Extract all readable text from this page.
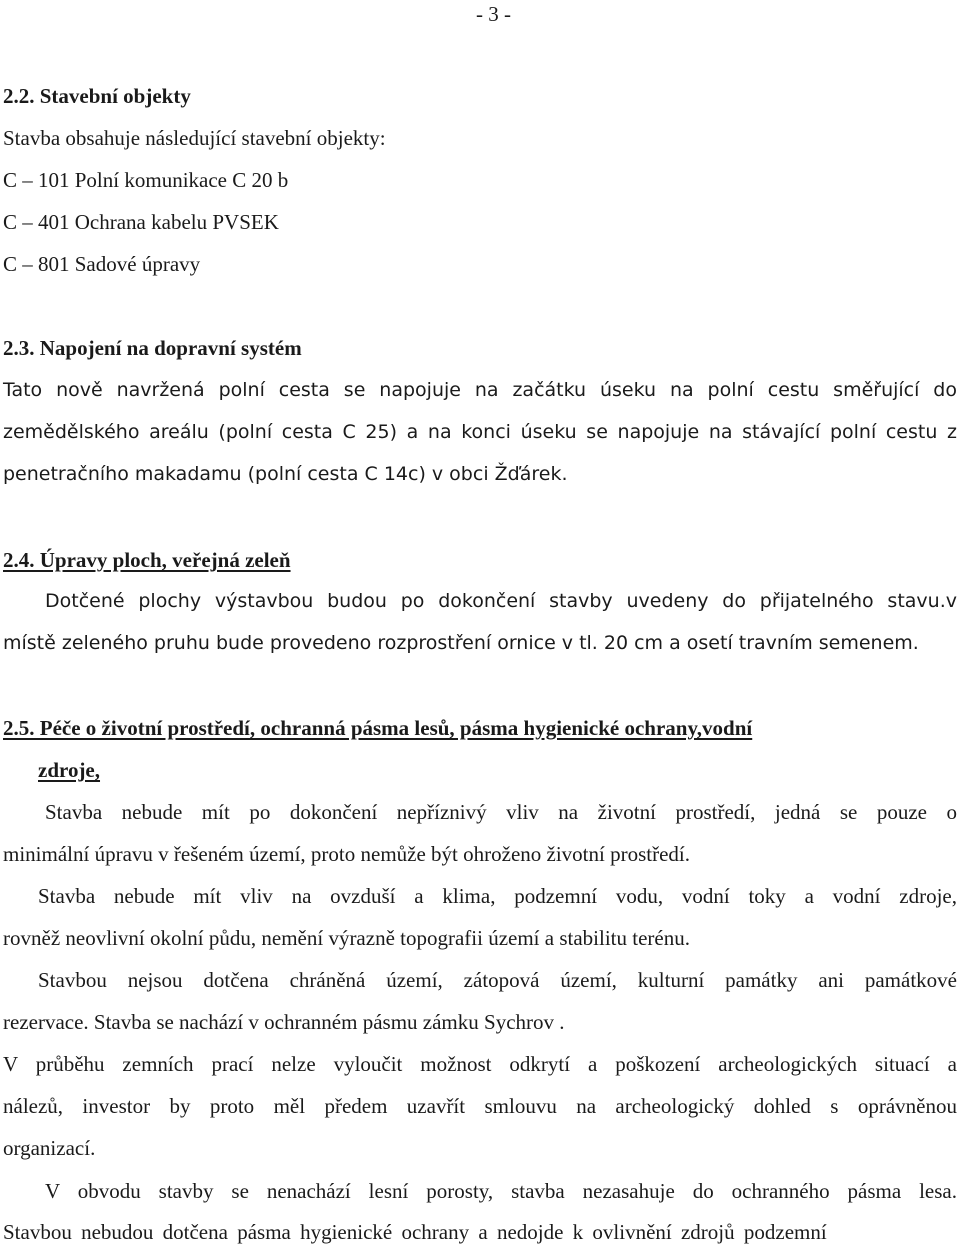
- 3 -
2.2. Stavební objekty
Stavba obsahuje následující stavební objekty:
C – 101 Polní komunikace C 20 b
C – 401 Ochrana kabelu PVSEK
C – 801 Sadové úpravy
2.3. Napojení na dopravní systém
Tato nově navržená polní cesta se napojuje na začátku úseku na polní cestu směřující do
zemědělského areálu (polní cesta C 25) a na konci úseku se napojuje na stávající polní cestu z
penetračního makadamu (polní cesta C 14c) v obci Žďárek.
2.4. Úpravy ploch, veřejná zeleň
Dotčené plochy výstavbou budou po dokončení stavby uvedeny do přijatelného stavu.v
místě zeleného pruhu bude provedeno rozprostření ornice v tl. 20 cm a osetí travním semenem.
2.5. Péče o životní prostředí, ochranná pásma lesů, pásma hygienické ochrany,vodní
zdroje,
Stavba nebude mít po dokončení nepříznivý vliv na životní prostředí, jedná se pouze o
minimální úpravu v řešeném území, proto nemůže být ohroženo životní prostředí.
Stavba nebude mít vliv na ovzduší a klima, podzemní vodu, vodní toky a vodní zdroje,
rovněž neovlivní okolní půdu, nemění výrazně topografii území a stabilitu terénu.
Stavbou nejsou dotčena chráněná území, zátopová území, kulturní památky ani památkové
rezervace. Stavba se nachází v ochranném pásmu zámku Sychrov .
V průběhu zemních prací nelze vyloučit možnost odkrytí a poškození archeologických situací a
nálezů, investor by proto měl předem uzavřít smlouvu na archeologický dohled s oprávněnou
organizací.
V obvodu stavby se nenachází lesní porosty, stavba nezasahuje do ochranného pásma lesa.
Stavbou nebudou dotčena pásma hygienické ochrany a nedojde k ovlivnění zdrojů podzemní
